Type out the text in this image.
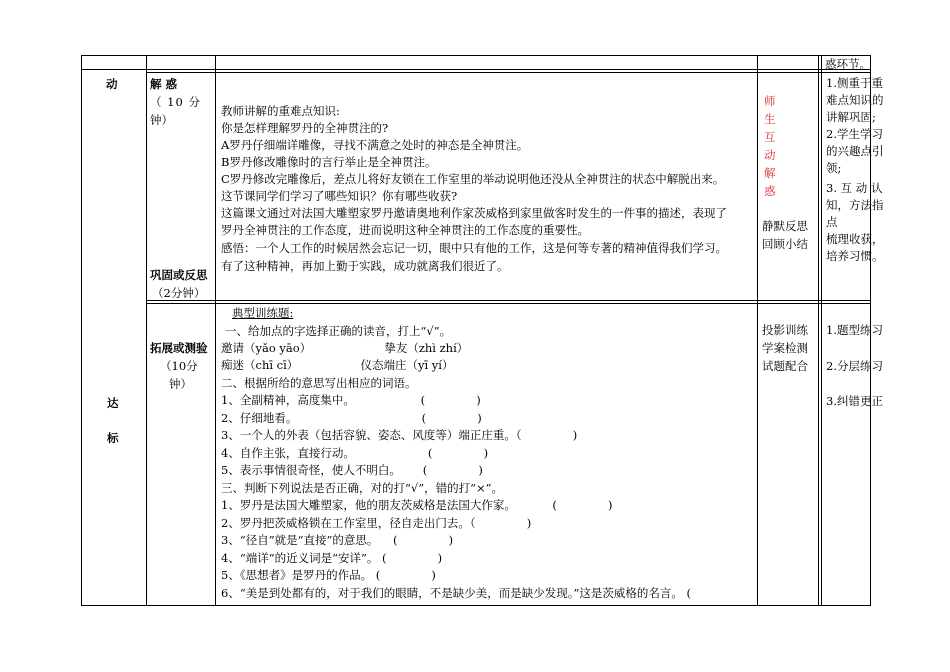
惑环节。
动
达
标
解 惑
（ 10 分
钟）
巩固或反思
（2分钟）
教师讲解的重难点知识:
你是怎样理解罗丹的全神贯注的?
A罗丹仔细端详雕像，寻找不满意之处时的神态是全神贯注。
B罗丹修改雕像时的言行举止是全神贯注。
C罗丹修改完雕像后，差点儿将好友锁在工作室里的举动说明他还没从全神贯注的状态中解脱出来。
这节课同学们学习了哪些知识？你有哪些收获?
这篇课文通过对法国大雕塑家罗丹邀请奥地利作家茨威格到家里做客时发生的一件事的描述，表现了
罗丹全神贯注的工作态度，进而说明这种全神贯注的工作态度的重要性。
感悟：一个人工作的时候居然会忘记一切，眼中只有他的工作，这是何等专著的精神值得我们学习。
有了这种精神，再加上勤于实践，成功就离我们很近了。
师
生
互
动
解
惑
静默反思
回顾小结
1.侧重于重
难点知识的
讲解巩固;
2.学生学习
的兴趣点引
领;
3. 互 动 认
知，方法指
点
梳理收获，
培养习惯。
拓展或测验
（10分
钟）
典型训练题:
一、给加点的字选择正确的读音，打上“√”。
邀请（yǎo yāo）                    挚友（zhì zhí）
痴迷（chī cī）                 仪态端庄（yī yí）
二、根据所给的意思写出相应的词语。
1、全副精神，高度集中。                  (              )
2、仔细地看。                                  (              )
3、一个人的外表（包括容貌、姿态、风度等）端正庄重。（              )
4、自作主张，直接行动。                    (              )
5、表示事情很奇怪，使人不明白。      (              )
三、判断下列说法是否正确，对的打“√”，错的打“×”。
1、罗丹是法国大雕塑家，他的朋友茨威格是法国大作家。          (              )
2、罗丹把茨威格锁在工作室里，径自走出门去。（              )
3、“径自”就是“直接”的意思。    (              )
4、“端详”的近义词是“安详”。 (              )
5、《思想者》是罗丹的作品。 (              )
6、“美是到处都有的，对于我们的眼睛，不是缺少美，而是缺少发现。”这是茨威格的名言。 (
投影训练
学案检测
试题配合
1.题型练习
2.分层练习
3.纠错更正
